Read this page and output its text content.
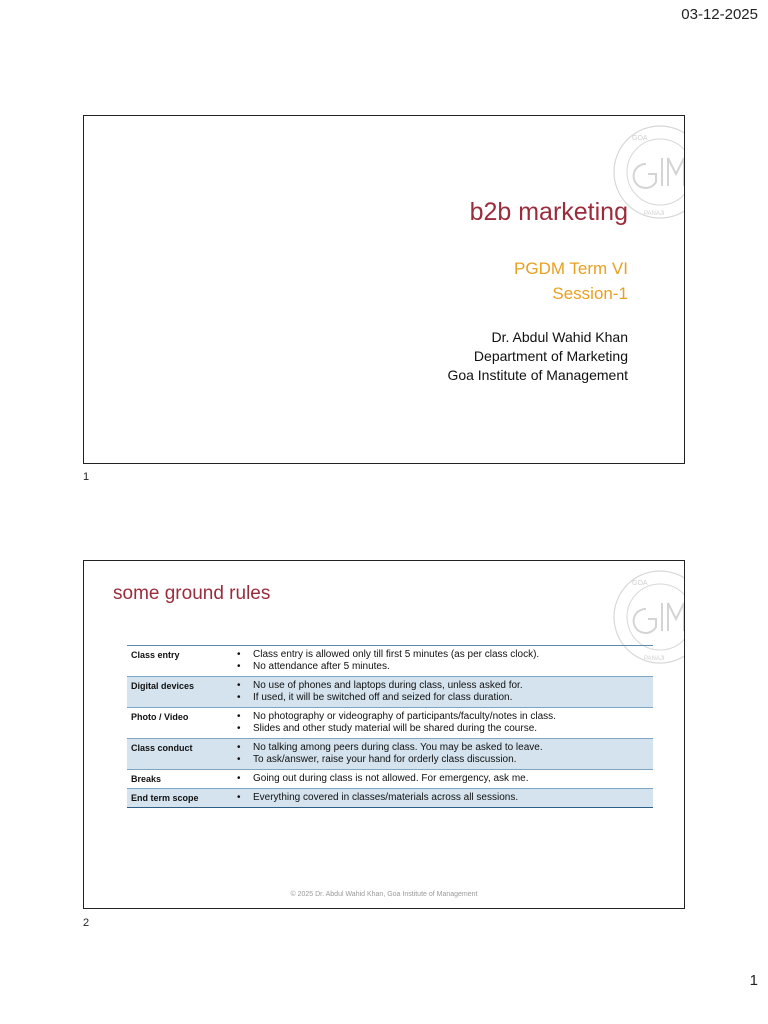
03-12-2025
GOA
PANAJI
b2b marketing
PGDM Term VI
Session-1
Dr. Abdul Wahid Khan
Department of Marketing
Goa Institute of Management
1
GOA
PANAJI
some ground rules
Class entry	• Class entry is allowed only till first 5 minutes (as per class clock).
• No attendance after 5 minutes.

Digital devices	• No use of phones and laptops during class, unless asked for.
• If used, it will be switched off and seized for class duration.

Photo / Video	• No photography or videography of participants/faculty/notes in class.
• Slides and other study material will be shared during the course.

Class conduct	• No talking among peers during class. You may be asked to leave.
• To ask/answer, raise your hand for orderly class discussion.

Breaks	• Going out during class is not allowed. For emergency, ask me.

End term scope	• Everything covered in classes/materials across all sessions.
© 2025 Dr. Abdul Wahid Khan, Goa Institute of Management
2
1
